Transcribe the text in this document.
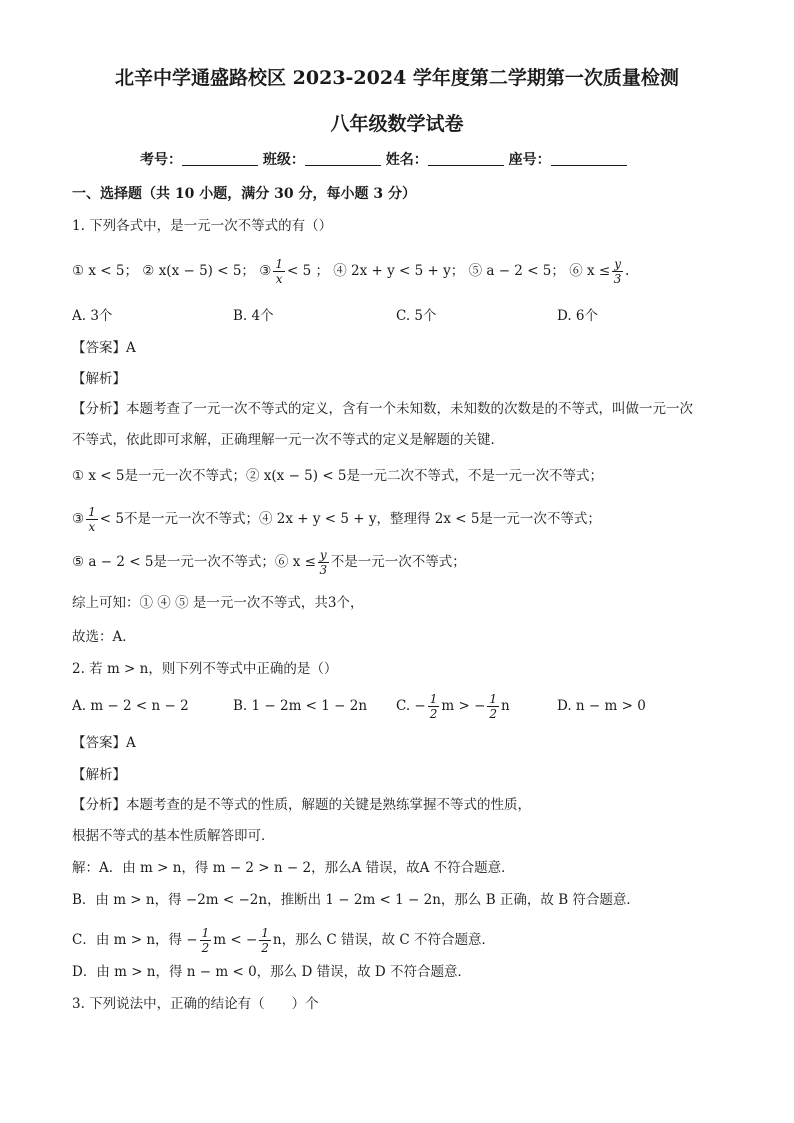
北辛中学通盛路校区 2023-2024 学年度第二学期第一次质量检测
八年级数学试卷
考号：	班级：	姓名：	座号：
一、选择题（共 10 小题，满分 30 分，每小题 3 分）
1. 下列各式中，是一元一次不等式的有（）
① x < 5； ② x(x − 5) < 5； ③ $\frac{1}{x} < 5$ ； ④ 2x + y < 5 + y； ⑤ a − 2 < 5； ⑥ $x \le \frac{y}{3}$ .
A. 3个	B. 4个	C. 5个	D. 6个
【答案】A
【解析】
【分析】本题考查了一元一次不等式的定义，含有一个未知数，未知数的次数是的不等式，叫做一元一次
不等式，依此即可求解，正确理解一元一次不等式的定义是解题的关键．
① x < 5是一元一次不等式；② x(x − 5) < 5是一元二次不等式，不是一元一次不等式；
③ $\frac{1}{x} < 5$不是一元一次不等式；④ 2x + y < 5 + y，整理得 2x < 5是一元一次不等式；
⑤ a − 2 < 5是一元一次不等式；⑥ $x \le \frac{y}{3}$ 不是一元一次不等式；
综上可知：① ④ ⑤ 是一元一次不等式，共3个，
故选：A．
2. 若 m > n，则下列不等式中正确的是（）
A. m − 2 < n − 2	B. 1 − 2m < 1 − 2n C. − $\frac{1}{2}$ m > − $\frac{1}{2}$ n	D. n − m > 0
【答案】A
【解析】
【分析】本题考查的是不等式的性质，解题的关键是熟练掌握不等式的性质，
根据不等式的基本性质解答即可．
解：A．由 m > n，得 m − 2 > n − 2，那么A 错误，故A 不符合题意．
B．由 m > n，得 −2m < −2n，推断出 1 − 2m < 1 − 2n，那么 B 正确，故 B 符合题意．
C．由 m > n，得 − $\frac{1}{2}$ m < − $\frac{1}{2}$ n，那么 C 错误，故 C 不符合题意．
D．由 m > n，得 n − m < 0，那么 D 错误，故 D 不符合题意．
3. 下列说法中，正确的结论有（　　）个
